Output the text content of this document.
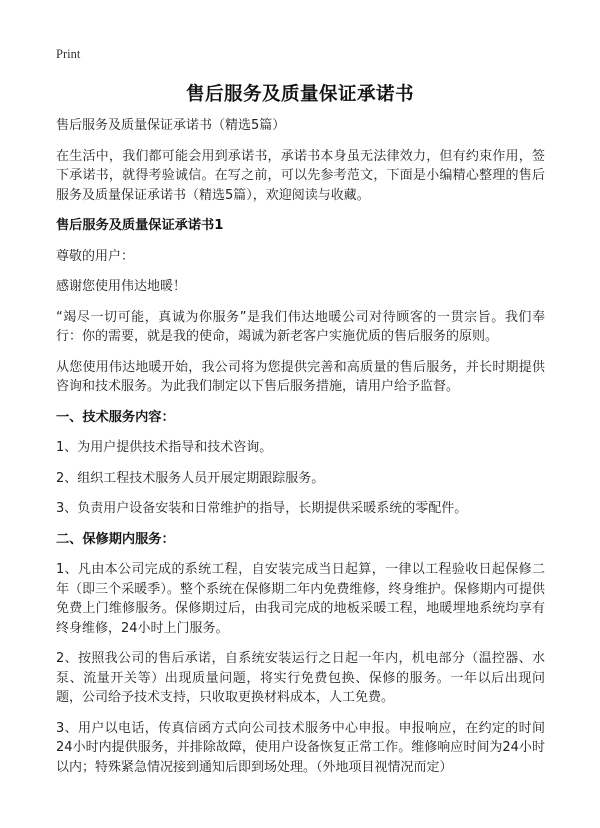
Print
售后服务及质量保证承诺书

售后服务及质量保证承诺书（精选5篇）

在生活中，我们都可能会用到承诺书，承诺书本身虽无法律效力，但有约束作用，签下承诺书，就得考验诚信。在写之前，可以先参考范文，下面是小编精心整理的售后服务及质量保证承诺书（精选5篇），欢迎阅读与收藏。

售后服务及质量保证承诺书1

尊敬的用户：

感谢您使用伟达地暖！

“竭尽一切可能，真诚为你服务”是我们伟达地暖公司对待顾客的一贯宗旨。我们奉行：你的需要，就是我的使命，竭诚为新老客户实施优质的售后服务的原则。

从您使用伟达地暖开始，我公司将为您提供完善和高质量的售后服务，并长时期提供咨询和技术服务。为此我们制定以下售后服务措施，请用户给予监督。

一、技术服务内容：

1、为用户提供技术指导和技术咨询。

2、组织工程技术服务人员开展定期跟踪服务。

3、负责用户设备安装和日常维护的指导，长期提供采暖系统的零配件。

二、保修期内服务：

1、凡由本公司完成的系统工程，自安装完成当日起算，一律以工程验收日起保修二年（即三个采暖季）。整个系统在保修期二年内免费维修，终身维护。保修期内可提供免费上门维修服务。保修期过后，由我司完成的地板采暖工程，地暖埋地系统均享有终身维修，24小时上门服务。

2、按照我公司的售后承诺，自系统安装运行之日起一年内，机电部分（温控器、水泵、流量开关等）出现质量问题，将实行免费包换、保修的服务。一年以后出现问题，公司给予技术支持，只收取更换材料成本，人工免费。

3、用户以电话，传真信函方式向公司技术服务中心申报。申报响应，在约定的时间24小时内提供服务，并排除故障，使用户设备恢复正常工作。维修响应时间为24小时以内；特殊紧急情况接到通知后即到场处理。（外地项目视情况而定）
